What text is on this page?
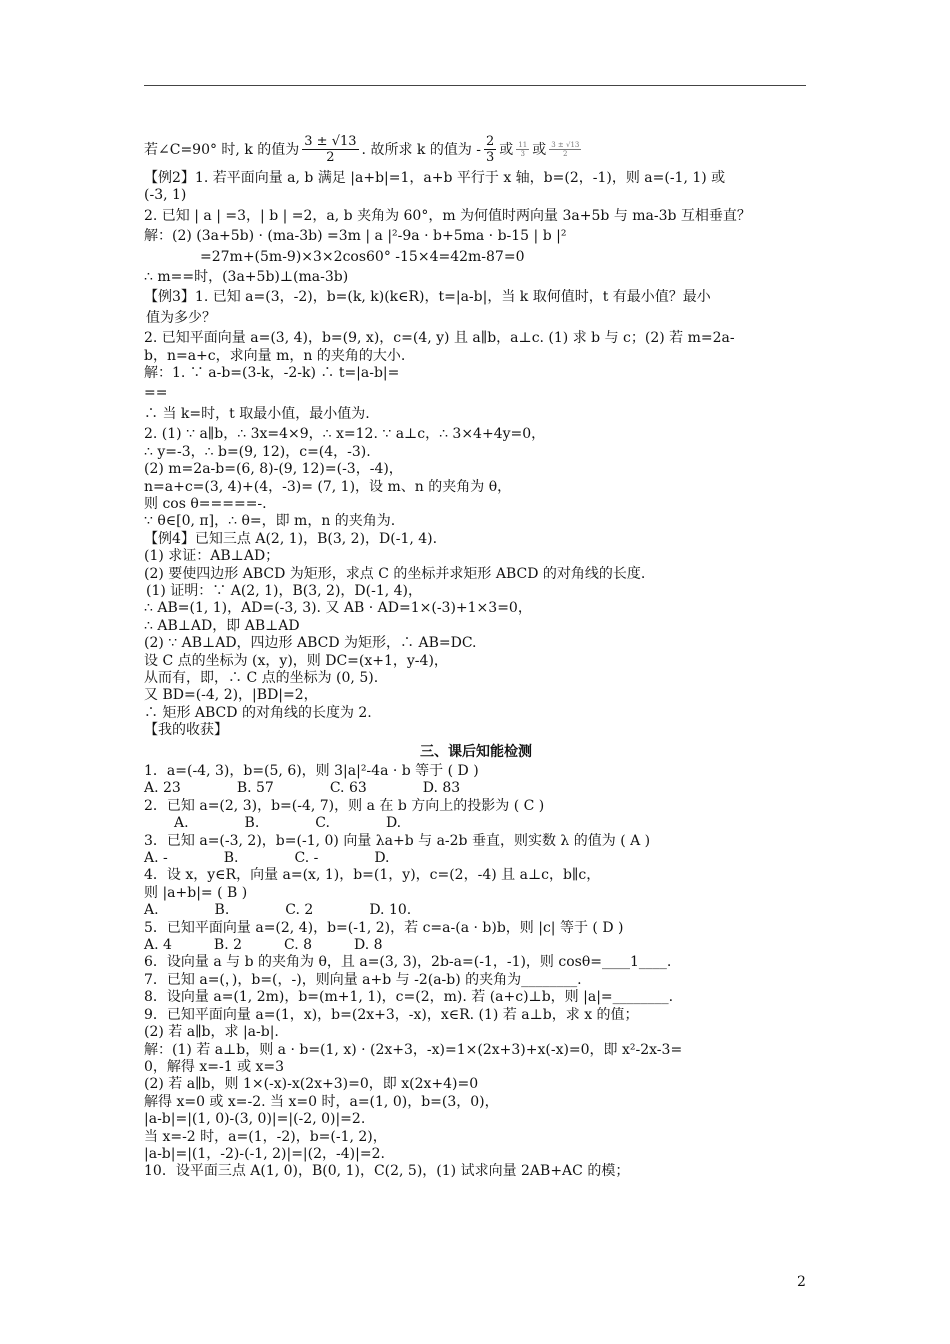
若∠C=90° 时, k 的值为 $\frac{3 \pm √13}{2}$ . 故所求 k 的值为 - $\frac{2}{3}$ 或 $\frac{11}{3}$ 或 $\frac{3 \pm √13}{2}$
【例2】1. 若平面向量 a, b 满足 |a+b|=1，a+b 平行于 x 轴，b=(2，-1)，则 a=(-1, 1) 或
(-3, 1)
2. 已知 | a | =3，| b | =2，a, b 夹角为 60°，m 为何值时两向量 3a+5b 与 ma-3b 互相垂直？
解：(2) (3a+5b) · (ma-3b) =3m | a |²-9a · b+5ma · b-15 | b |²
=27m+(5m-9)×3×2cos60° -15×4=42m-87=0
∴ m==时，(3a+5b)⊥(ma-3b)
【例3】1. 已知 a=(3，-2)，b=(k, k)(k∈R)，t=|a-b|，当 k 取何值时，t 有最小值？最小
值为多少？
2. 已知平面向量 a=(3, 4)，b=(9, x)，c=(4, y) 且 a∥b，a⊥c. (1) 求 b 与 c；(2) 若 m=2a-
b，n=a+c，求向量 m，n 的夹角的大小.
解：1. ∵ a-b=(3-k，-2-k) ∴ t=|a-b|=
==
∴ 当 k=时，t 取最小值，最小值为.
2. (1) ∵ a∥b，∴ 3x=4×9，∴ x=12. ∵ a⊥c，∴ 3×4+4y=0，
∴ y=-3，∴ b=(9, 12)，c=(4，-3).
(2) m=2a-b=(6, 8)-(9, 12)=(-3，-4)，
n=a+c=(3, 4)+(4，-3)= (7, 1)，设 m、n 的夹角为 θ，
则 cos θ=====-.
∵ θ∈[0, π]，∴ θ=，即 m，n 的夹角为.
【例4】已知三点 A(2, 1)，B(3, 2)，D(-1, 4).
(1) 求证：AB⊥AD；
(2) 要使四边形 ABCD 为矩形，求点 C 的坐标并求矩形 ABCD 的对角线的长度.
(1) 证明：∵ A(2, 1)，B(3, 2)，D(-1, 4)，
∴ AB=(1, 1)，AD=(-3, 3). 又 AB · AD=1×(-3)+1×3=0，
∴ AB⊥AD，即 AB⊥AD
(2) ∵ AB⊥AD，四边形 ABCD 为矩形，∴ AB=DC.
设 C 点的坐标为 (x，y)，则 DC=(x+1，y-4)，
从而有，即，∴ C 点的坐标为 (0, 5).
又 BD=(-4, 2)，|BD|=2，
∴ 矩形 ABCD 的对角线的长度为 2.
【我的收获】
三、课后知能检测
1．a=(-4, 3)，b=(5, 6)，则 3|a|²-4a · b 等于 ( D )
A. 23　　　　B. 57　　　　C. 63　　　　D. 83
2．已知 a=(2, 3)，b=(-4, 7)，则 a 在 b 方向上的投影为 ( C )
A.　　　　B.　　　　C.　　　　D.
3．已知 a=(-3, 2)，b=(-1, 0) 向量 λa+b 与 a-2b 垂直，则实数 λ 的值为 ( A )
A. -　　　　B.　　　　C. -　　　　D.
4．设 x，y∈R，向量 a=(x, 1)，b=(1，y)，c=(2，-4) 且 a⊥c，b∥c，
则 |a+b|= ( B )
A.　　　　B.　　　　C. 2　　　　D. 10.
5．已知平面向量 a=(2, 4)，b=(-1, 2)，若 c=a-(a · b)b，则 |c| 等于 ( D )
A. 4　　　B. 2　　　C. 8　　　D. 8
6．设向量 a 与 b 的夹角为 θ，且 a=(3, 3)，2b-a=(-1，-1)，则 cosθ=____1____.
7．已知 a=(，)，b=(，-)，则向量 a+b 与 -2(a-b) 的夹角为________.
8．设向量 a=(1, 2m)，b=(m+1, 1)，c=(2，m). 若 (a+c)⊥b，则 |a|=________.
9．已知平面向量 a=(1，x)，b=(2x+3，-x)，x∈R. (1) 若 a⊥b，求 x 的值；
(2) 若 a∥b，求 |a-b|.
解：(1) 若 a⊥b，则 a · b=(1, x) · (2x+3，-x)=1×(2x+3)+x(-x)=0，即 x²-2x-3=
0，解得 x=-1 或 x=3
(2) 若 a∥b，则 1×(-x)-x(2x+3)=0，即 x(2x+4)=0
解得 x=0 或 x=-2. 当 x=0 时，a=(1, 0)，b=(3，0)，
|a-b|=|(1, 0)-(3, 0)|=|(-2, 0)|=2.
当 x=-2 时，a=(1，-2)，b=(-1, 2)，
|a-b|=|(1，-2)-(-1, 2)|=|(2，-4)|=2.
10．设平面三点 A(1, 0)，B(0, 1)，C(2, 5)，(1) 试求向量 2AB+AC 的模；
2
